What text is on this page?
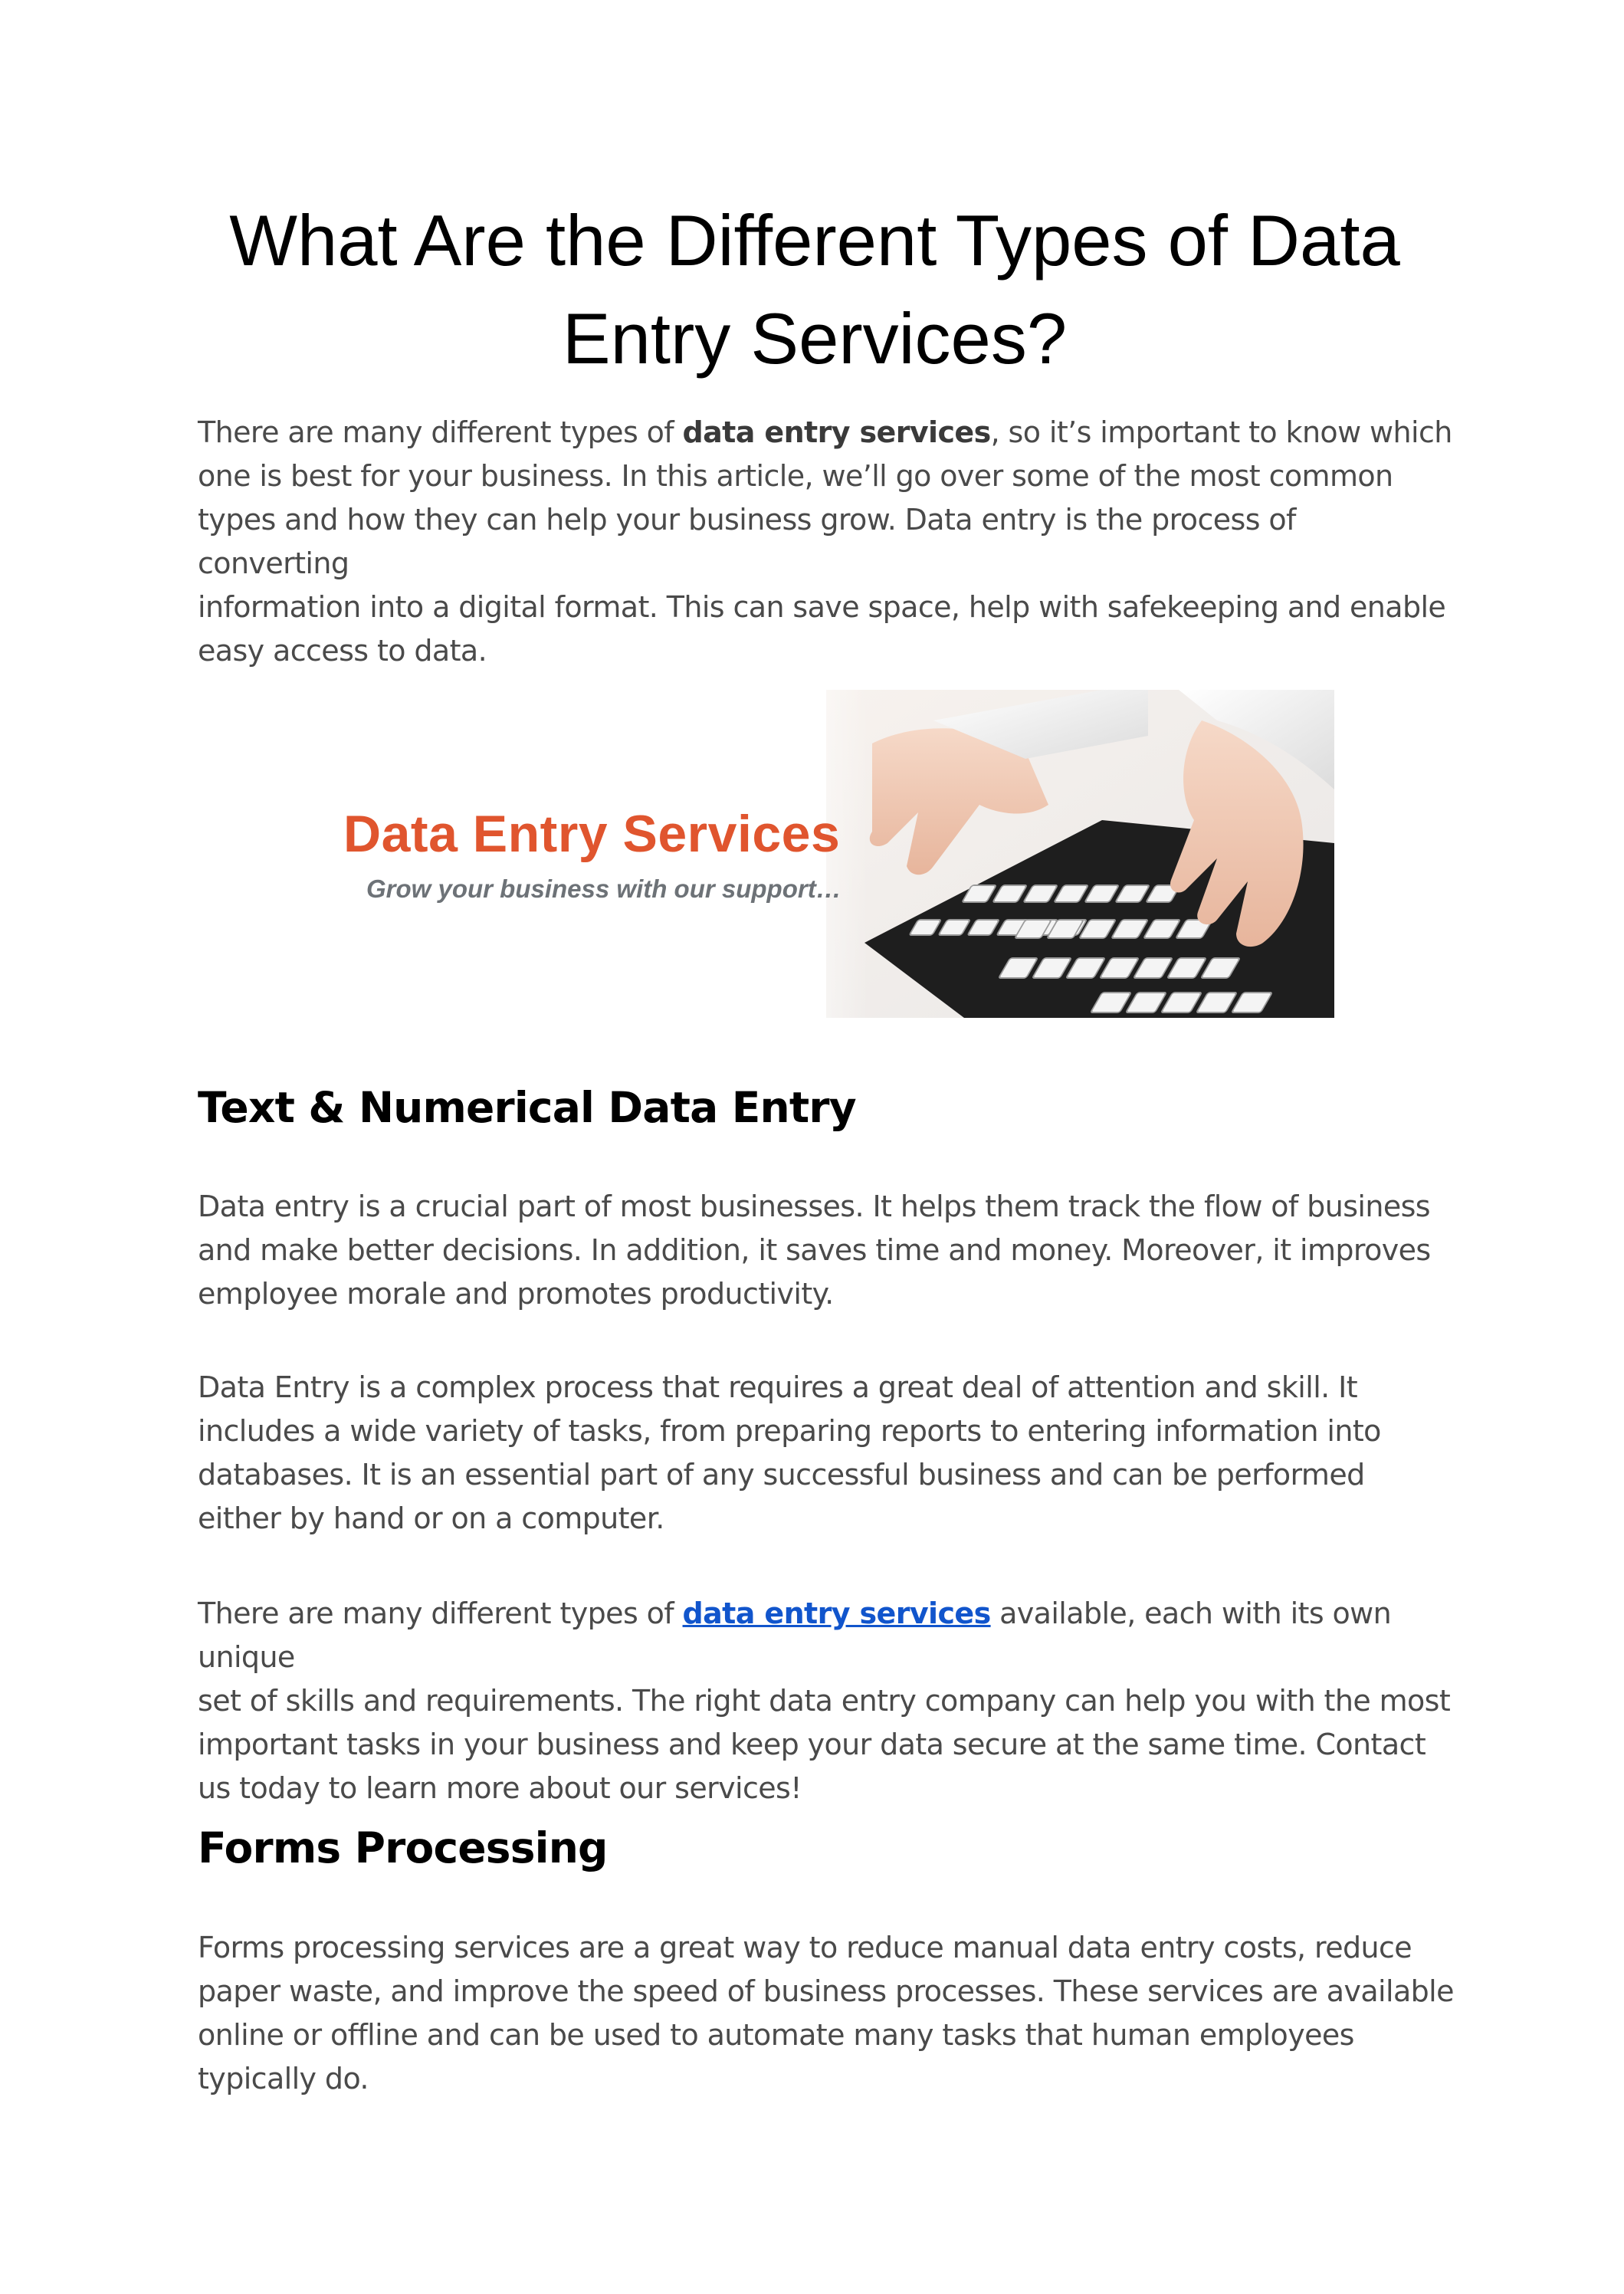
What Are the Different Types of Data Entry Services?

There are many different types of data entry services, so it’s important to know which
one is best for your business. In this article, we’ll go over some of the most common
types and how they can help your business grow. Data entry is the process of converting
information into a digital format. This can save space, help with safekeeping and enable
easy access to data.

Data Entry Services

Grow your business with our support…

Text & Numerical Data Entry

Data entry is a crucial part of most businesses. It helps them track the flow of business
and make better decisions. In addition, it saves time and money. Moreover, it improves
employee morale and promotes productivity.

Data Entry is a complex process that requires a great deal of attention and skill. It
includes a wide variety of tasks, from preparing reports to entering information into
databases. It is an essential part of any successful business and can be performed
either by hand or on a computer.

There are many different types of data entry services available, each with its own unique
set of skills and requirements. The right data entry company can help you with the most
important tasks in your business and keep your data secure at the same time. Contact
us today to learn more about our services!

Forms Processing

Forms processing services are a great way to reduce manual data entry costs, reduce
paper waste, and improve the speed of business processes. These services are available
online or offline and can be used to automate many tasks that human employees
typically do.
